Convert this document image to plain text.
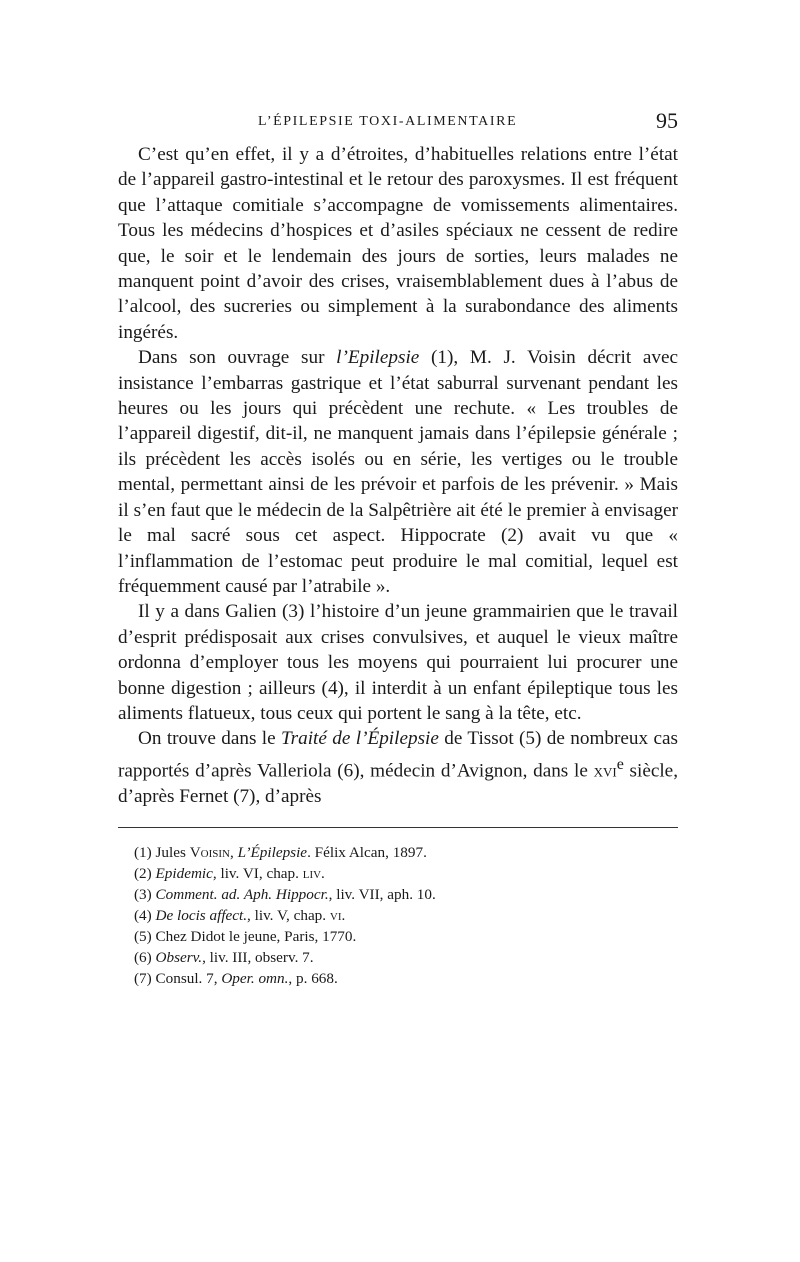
L’ÉPILEPSIE TOXI-ALIMENTAIRE	95

C’est qu’en effet, il y a d’étroites, d’habituelles relations entre l’état de l’appareil gastro-intestinal et le retour des paroxysmes. Il est fréquent que l’attaque comitiale s’accompagne de vomissements alimentaires. Tous les médecins d’hospices et d’asiles spéciaux ne cessent de redire que, le soir et le lendemain des jours de sorties, leurs malades ne manquent point d’avoir des crises, vraisemblablement dues à l’abus de l’alcool, des sucreries ou simplement à la surabondance des aliments ingérés.

Dans son ouvrage sur l’Epilepsie (1), M. J. Voisin décrit avec insistance l’embarras gastrique et l’état saburral survenant pendant les heures ou les jours qui précèdent une rechute. « Les troubles de l’appareil digestif, dit-il, ne manquent jamais dans l’épilepsie générale ; ils précèdent les accès isolés ou en série, les vertiges ou le trouble mental, permettant ainsi de les prévoir et parfois de les prévenir. » Mais il s’en faut que le médecin de la Salpêtrière ait été le premier à envisager le mal sacré sous cet aspect. Hippocrate (2) avait vu que « l’inflammation de l’estomac peut produire le mal comitial, lequel est fréquemment causé par l’atrabile ».

Il y a dans Galien (3) l’histoire d’un jeune grammairien que le travail d’esprit prédisposait aux crises convulsives, et auquel le vieux maître ordonna d’employer tous les moyens qui pourraient lui procurer une bonne digestion ; ailleurs (4), il interdit à un enfant épileptique tous les aliments flatueux, tous ceux qui portent le sang à la tête, etc.

On trouve dans le Traité de l’Épilepsie de Tissot (5) de nombreux cas rapportés d’après Valleriola (6), médecin d’Avignon, dans le xvi$^e$ siècle, d’après Fernet (7), d’après

(1) Jules Voisin, L’Épilepsie. Félix Alcan, 1897.

(2) Epidemic, liv. VI, chap. liv.

(3) Comment. ad. Aph. Hippocr., liv. VII, aph. 10.

(4) De locis affect., liv. V, chap. vi.

(5) Chez Didot le jeune, Paris, 1770.

(6) Observ., liv. III, observ. 7.

(7) Consul. 7, Oper. omn., p. 668.
